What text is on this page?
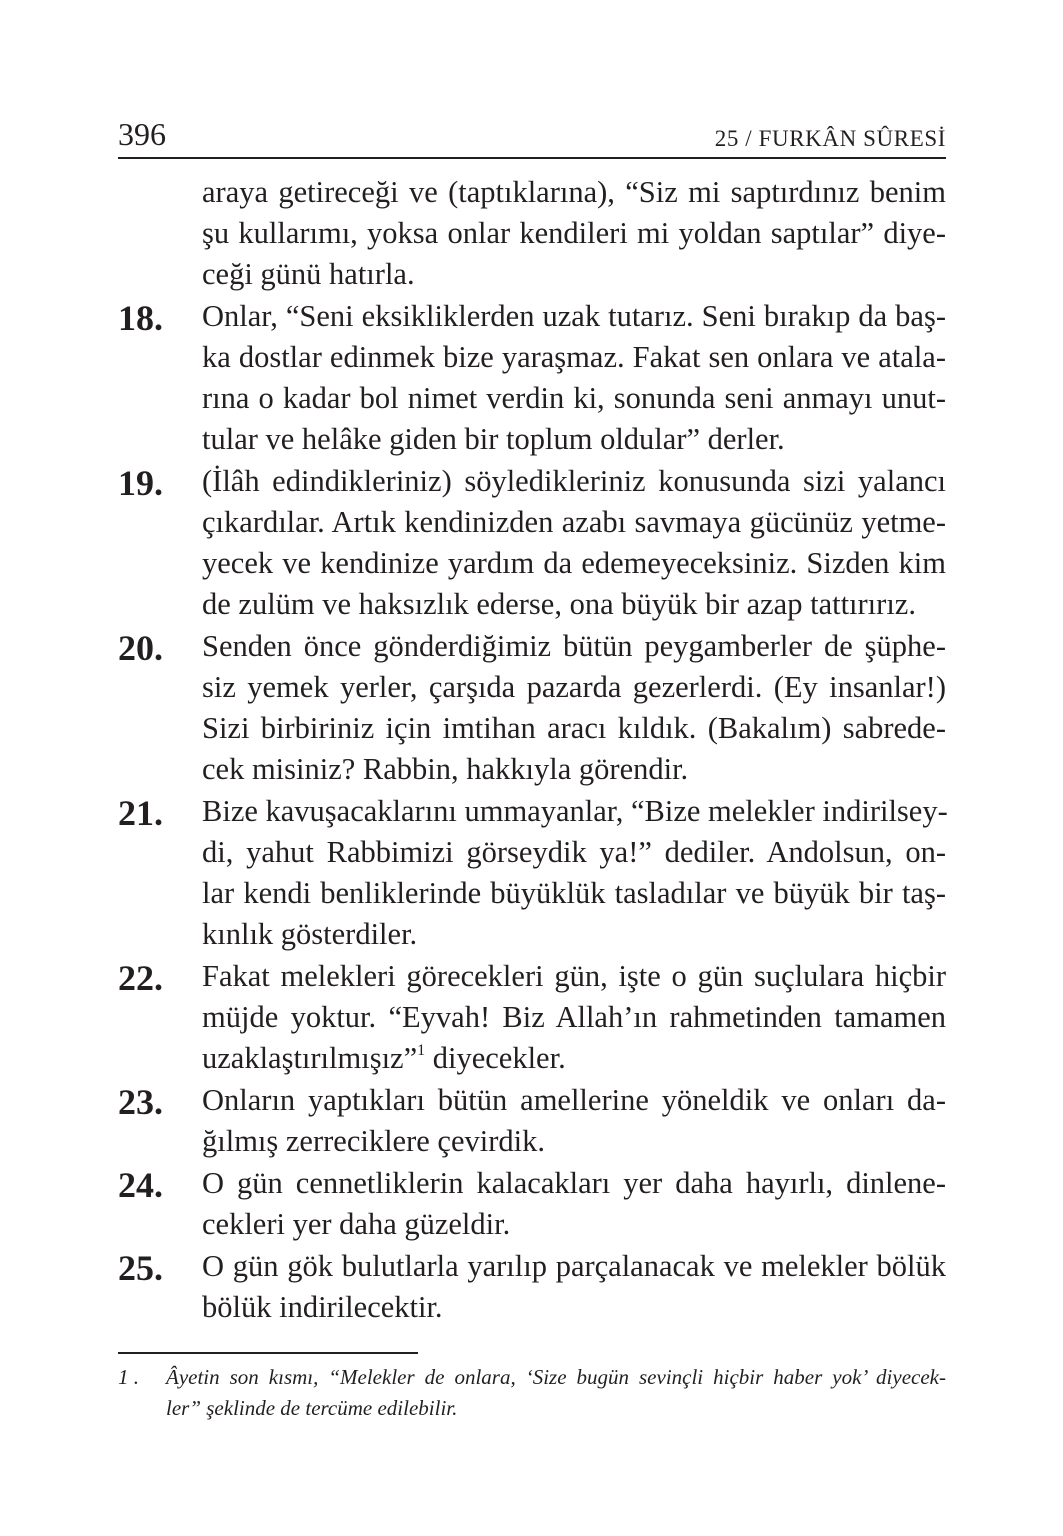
396	25 / FURKÂN SÛRESİ
araya getireceği ve (taptıklarına), “Siz mi saptırdınız benim
şu kullarımı, yoksa onlar kendileri mi yoldan saptılar” diye-
ceği günü hatırla.
18. Onlar, “Seni eksikliklerden uzak tutarız. Seni bırakıp da baş-
ka dostlar edinmek bize yaraşmaz. Fakat sen onlara ve atala-
rına o kadar bol nimet verdin ki, sonunda seni anmayı unut-
tular ve helâke giden bir toplum oldular” derler.
19. (İlâh edindikleriniz) söyledikleriniz konusunda sizi yalancı
çıkardılar. Artık kendinizden azabı savmaya gücünüz yetme-
yecek ve kendinize yardım da edemeyeceksiniz. Sizden kim
de zulüm ve haksızlık ederse, ona büyük bir azap tattırırız.
20. Senden önce gönderdiğimiz bütün peygamberler de şüphe-
siz yemek yerler, çarşıda pazarda gezerlerdi. (Ey insanlar!)
Sizi birbiriniz için imtihan aracı kıldık. (Bakalım) sabrede-
cek misiniz? Rabbin, hakkıyla görendir.
21. Bize kavuşacaklarını ummayanlar, “Bize melekler indirilsey-
di, yahut Rabbimizi görseydik ya!” dediler. Andolsun, on-
lar kendi benliklerinde büyüklük tasladılar ve büyük bir taş-
kınlık gösterdiler.
22. Fakat melekleri görecekleri gün, işte o gün suçlulara hiçbir
müjde yoktur. “Eyvah! Biz Allah’ın rahmetinden tamamen
uzaklaştırılmışız”$^1$ diyecekler.
23. Onların yaptıkları bütün amellerine yöneldik ve onları da-
ğılmış zerreciklere çevirdik.
24. O gün cennetliklerin kalacakları yer daha hayırlı, dinlene-
cekleri yer daha güzeldir.
25. O gün gök bulutlarla yarılıp parçalanacak ve melekler bölük
bölük indirilecektir.
1 . Âyetin son kısmı, “Melekler de onlara, ‘Size bugün sevinçli hiçbir haber yok’ diyecek-
ler” şeklinde de tercüme edilebilir.
